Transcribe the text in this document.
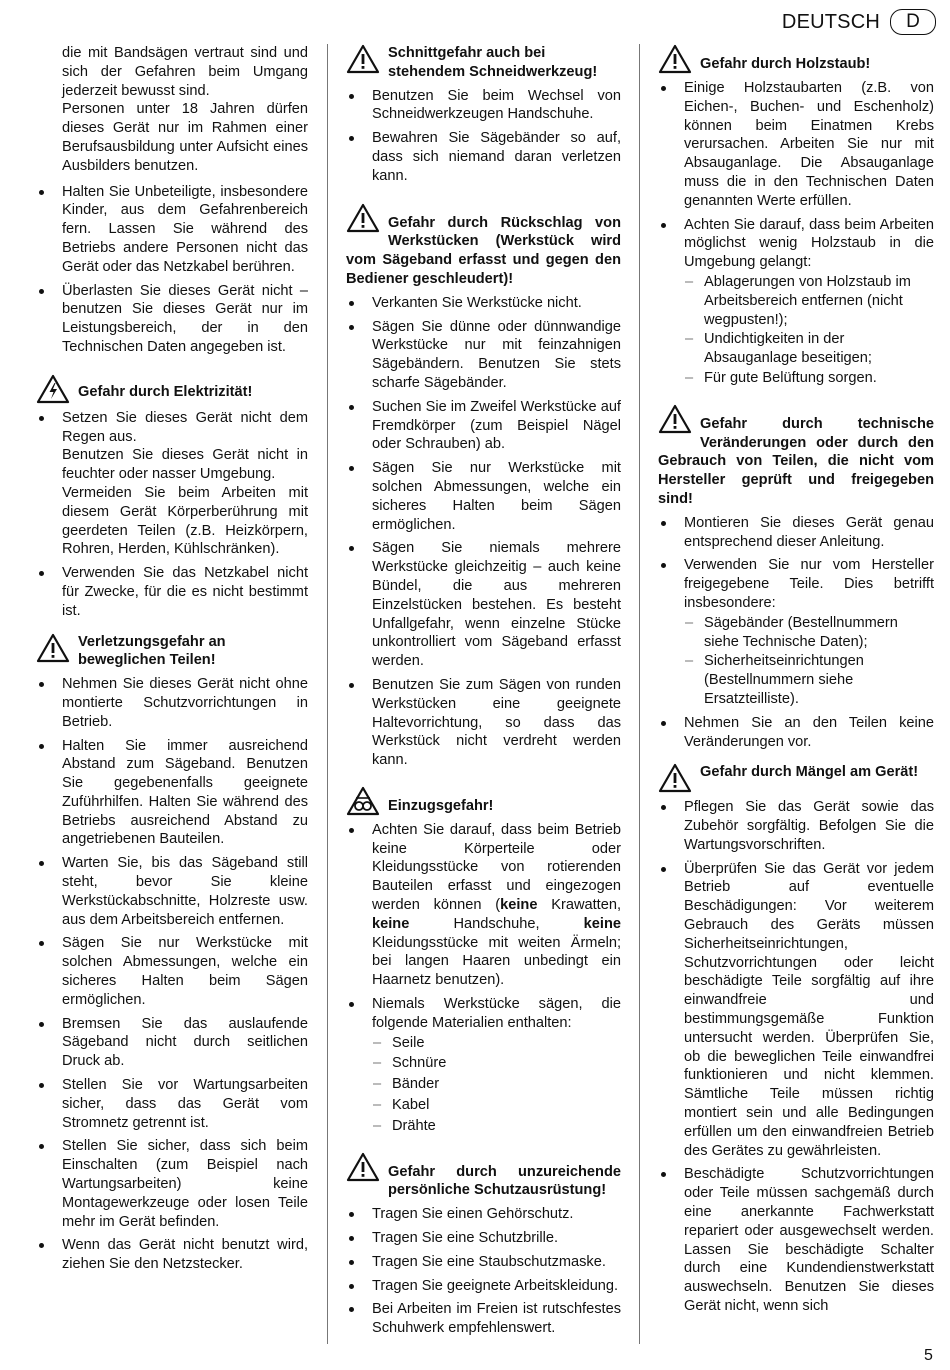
DEUTSCH	D

die mit Bandsägen vertraut sind und sich der Gefahren beim Umgang jederzeit bewusst sind.

Personen unter 18 Jahren dürfen dieses Gerät nur im Rahmen einer Berufsausbildung unter Aufsicht eines Ausbilders benutzen.

Halten Sie Unbeteiligte, insbesondere Kinder, aus dem Gefahrenbereich fern. Lassen Sie während des Betriebs andere Personen nicht das Gerät oder das Netzkabel berühren.
Überlasten Sie dieses Gerät nicht – benutzen Sie dieses Gerät nur im Leistungsbereich, der in den Technischen Daten angegeben ist.
Gefahr durch Elektrizität!

Setzen Sie dieses Gerät nicht dem Regen aus.

Benutzen Sie dieses Gerät nicht in feuchter oder nasser Umgebung.

Vermeiden Sie beim Arbeiten mit diesem Gerät Körperberührung mit geerdeten Teilen (z.B. Heizkörpern, Rohren, Herden, Kühlschränken).

Verwenden Sie das Netzkabel nicht für Zwecke, für die es nicht bestimmt ist.
Verletzungsgefahr an beweglichen Teilen!
Nehmen Sie dieses Gerät nicht ohne montierte Schutzvorrichtungen in Betrieb.
Halten Sie immer ausreichend Abstand zum Sägeband. Benutzen Sie gegebenenfalls geeignete Zuführhilfen. Halten Sie während des Betriebs ausreichend Abstand zu angetriebenen Bauteilen.
Warten Sie, bis das Sägeband still steht, bevor Sie kleine Werkstückabschnitte, Holzreste usw. aus dem Arbeitsbereich entfernen.
Sägen Sie nur Werkstücke mit solchen Abmessungen, welche ein sicheres Halten beim Sägen ermöglichen.
Bremsen Sie das auslaufende Sägeband nicht durch seitlichen Druck ab.
Stellen Sie vor Wartungsarbeiten sicher, dass das Gerät vom Stromnetz getrennt ist.
Stellen Sie sicher, dass sich beim Einschalten (zum Beispiel nach Wartungsarbeiten) keine Montagewerkzeuge oder losen Teile mehr im Gerät befinden.
Wenn das Gerät nicht benutzt wird, ziehen Sie den Netzstecker.
Schnittgefahr auch bei stehendem Schneidwerkzeug!
Benutzen Sie beim Wechsel von Schneidwerkzeugen Handschuhe.
Bewahren Sie Sägebänder so auf, dass sich niemand daran verletzen kann.
Gefahr durch Rückschlag von Werkstücken (Werkstück wird vom Sägeband erfasst und gegen den Bediener geschleudert)!
Verkanten Sie Werkstücke nicht.
Sägen Sie dünne oder dünnwandige Werkstücke nur mit feinzahnigen Sägebändern. Benutzen Sie stets scharfe Sägebänder.
Suchen Sie im Zweifel Werkstücke auf Fremdkörper (zum Beispiel Nägel oder Schrauben) ab.
Sägen Sie nur Werkstücke mit solchen Abmessungen, welche ein sicheres Halten beim Sägen ermöglichen.
Sägen Sie niemals mehrere Werkstücke gleichzeitig – auch keine Bündel, die aus mehreren Einzelstücken bestehen. Es besteht Unfallgefahr, wenn einzelne Stücke unkontrolliert vom Sägeband erfasst werden.
Benutzen Sie zum Sägen von runden Werkstücken eine geeignete Haltevorrichtung, so dass das Werkstück nicht verdreht werden kann.
Einzugsgefahr!
Achten Sie darauf, dass beim Betrieb keine Körperteile oder Kleidungsstücke von rotierenden Bauteilen erfasst und eingezogen werden können (keine Krawatten, keine Handschuhe, keine Kleidungsstücke mit weiten Ärmeln; bei langen Haaren unbedingt ein Haarnetz benutzen).
Niemals Werkstücke sägen, die folgende Materialien enthalten:
– Seile
– Schnüre
– Bänder
– Kabel
– Drähte
Gefahr durch unzureichende persönliche Schutzausrüstung!
Tragen Sie einen Gehörschutz.
Tragen Sie eine Schutzbrille.
Tragen Sie eine Staubschutzmaske.
Tragen Sie geeignete Arbeitskleidung.
Bei Arbeiten im Freien ist rutschfestes Schuhwerk empfehlenswert.
Gefahr durch Holzstaub!
Einige Holzstaubarten (z.B. von Eichen-, Buchen- und Eschenholz) können beim Einatmen Krebs verursachen. Arbeiten Sie nur mit Absauganlage. Die Absauganlage muss die in den Technischen Daten genannten Werte erfüllen.
Achten Sie darauf, dass beim Arbeiten möglichst wenig Holzstaub in die Umgebung gelangt:
– Ablagerungen von Holzstaub im Arbeitsbereich entfernen (nicht wegpusten!);
– Undichtigkeiten in der Absauganlage beseitigen;
– Für gute Belüftung sorgen.
Gefahr durch technische Veränderungen oder durch den Gebrauch von Teilen, die nicht vom Hersteller geprüft und freigegeben sind!
Montieren Sie dieses Gerät genau entsprechend dieser Anleitung.
Verwenden Sie nur vom Hersteller freigegebene Teile. Dies betrifft insbesondere:
– Sägebänder (Bestellnummern siehe Technische Daten);
– Sicherheitseinrichtungen (Bestellnummern siehe Ersatzteilliste).
Nehmen Sie an den Teilen keine Veränderungen vor.
Gefahr durch Mängel am Gerät!
Pflegen Sie das Gerät sowie das Zubehör sorgfältig. Befolgen Sie die Wartungsvorschriften.
Überprüfen Sie das Gerät vor jedem Betrieb auf eventuelle Beschädigungen: Vor weiterem Gebrauch des Geräts müssen Sicherheitseinrichtungen, Schutzvorrichtungen oder leicht beschädigte Teile sorgfältig auf ihre einwandfreie und bestimmungsgemäße Funktion untersucht werden. Überprüfen Sie, ob die beweglichen Teile einwandfrei funktionieren und nicht klemmen. Sämtliche Teile müssen richtig montiert sein und alle Bedingungen erfüllen um den einwandfreien Betrieb des Gerätes zu gewährleisten.
Beschädigte Schutzvorrichtungen oder Teile müssen sachgemäß durch eine anerkannte Fachwerkstatt repariert oder ausgewechselt werden. Lassen Sie beschädigte Schalter durch eine Kundendienstwerkstatt auswechseln. Benutzen Sie dieses Gerät nicht, wenn sich
5
